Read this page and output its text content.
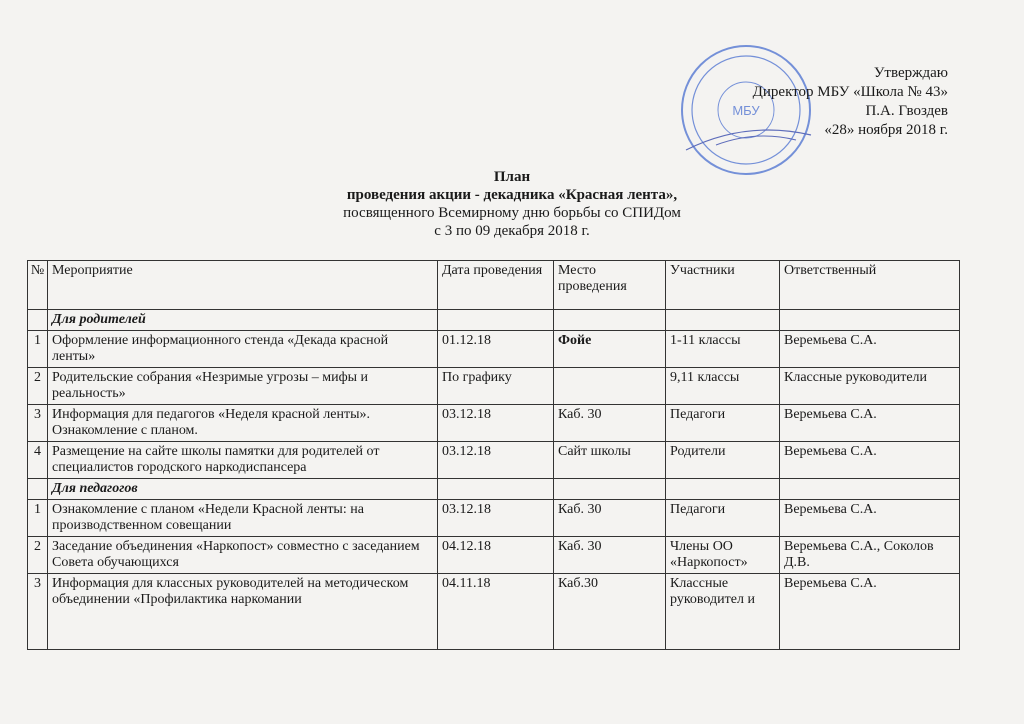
МБУ
Утверждаю
Директор МБУ «Школа № 43»
П.А. Гвоздев
«28» ноября 2018 г.
План
проведения акции - декадника «Красная лента»,
посвященного Всемирному дню борьбы со СПИДом
с 3 по 09 декабря 2018 г.
№	Мероприятие	Дата проведения	Место проведения	Участники	Ответственный
	Для родителей				
1	Оформление информационного стенда «Декада красной ленты»	01.12.18	Фойе	1-11 классы	Веремьева С.А.
2	Родительские собрания «Незримые угрозы – мифы и реальность»	По графику		9,11 классы	Классные руководители
3	Информация для педагогов «Неделя красной ленты». Ознакомление с планом.	03.12.18	Каб. 30	Педагоги	Веремьева С.А.
4	Размещение на сайте школы памятки для родителей от специалистов городского наркодиспансера	03.12.18	Сайт школы	Родители	Веремьева С.А.
	Для педагогов				
1	Ознакомление с планом «Недели Красной ленты: на производственном совещании	03.12.18	Каб. 30	Педагоги	Веремьева С.А.
2	Заседание объединения «Наркопост» совместно с заседанием Совета обучающихся	04.12.18	Каб. 30	Члены ОО «Наркопост»	Веремьева С.А., Соколов Д.В.
3	Информация для классных руководителей на методическом объединении «Профилактика наркомании	04.11.18	Каб.30	Классные руководител и	Веремьева С.А.
